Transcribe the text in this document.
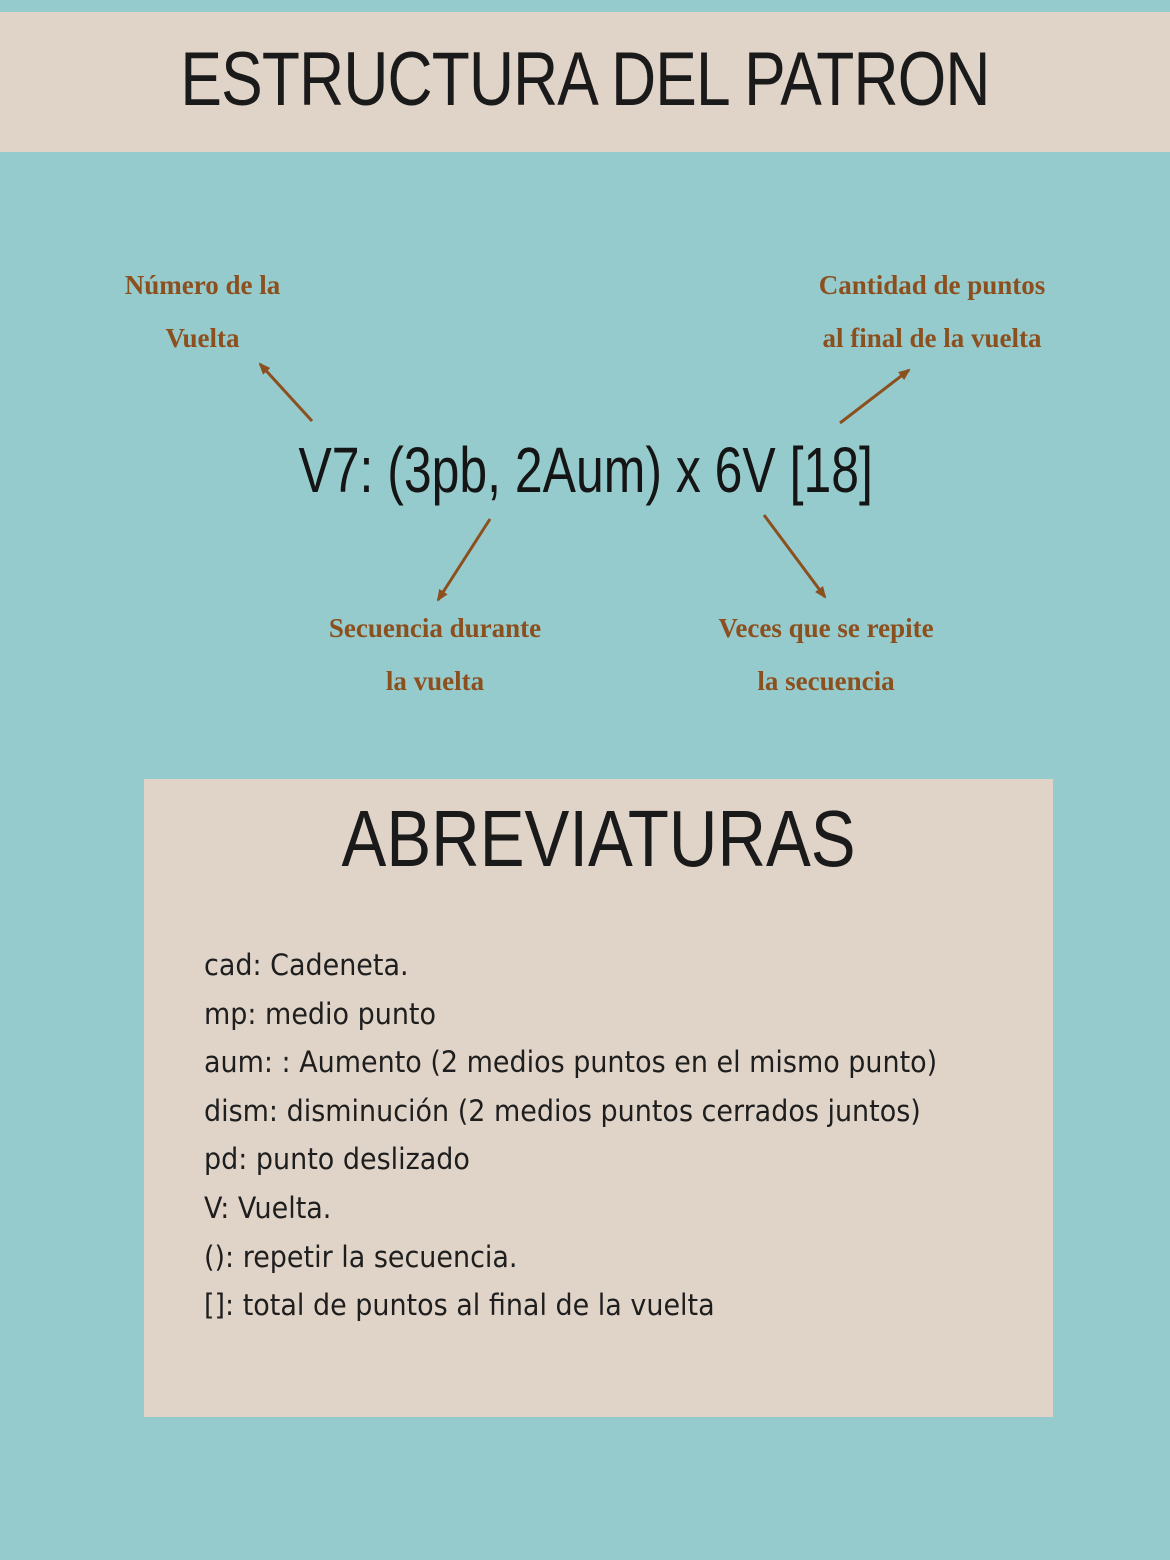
ESTRUCTURA DEL PATRON
Número de la
Vuelta
Cantidad de puntos
al final de la vuelta
V7: (3pb, 2Aum) x 6V [18]
Secuencia durante
la vuelta
Veces que se repite
la secuencia
ABREVIATURAS
cad: Cadeneta.
mp: medio punto
aum: : Aumento (2 medios puntos en el mismo punto)
dism: disminución (2 medios puntos cerrados juntos)
pd: punto deslizado
V: Vuelta.
(): repetir la secuencia.
[]: total de puntos al final de la vuelta
